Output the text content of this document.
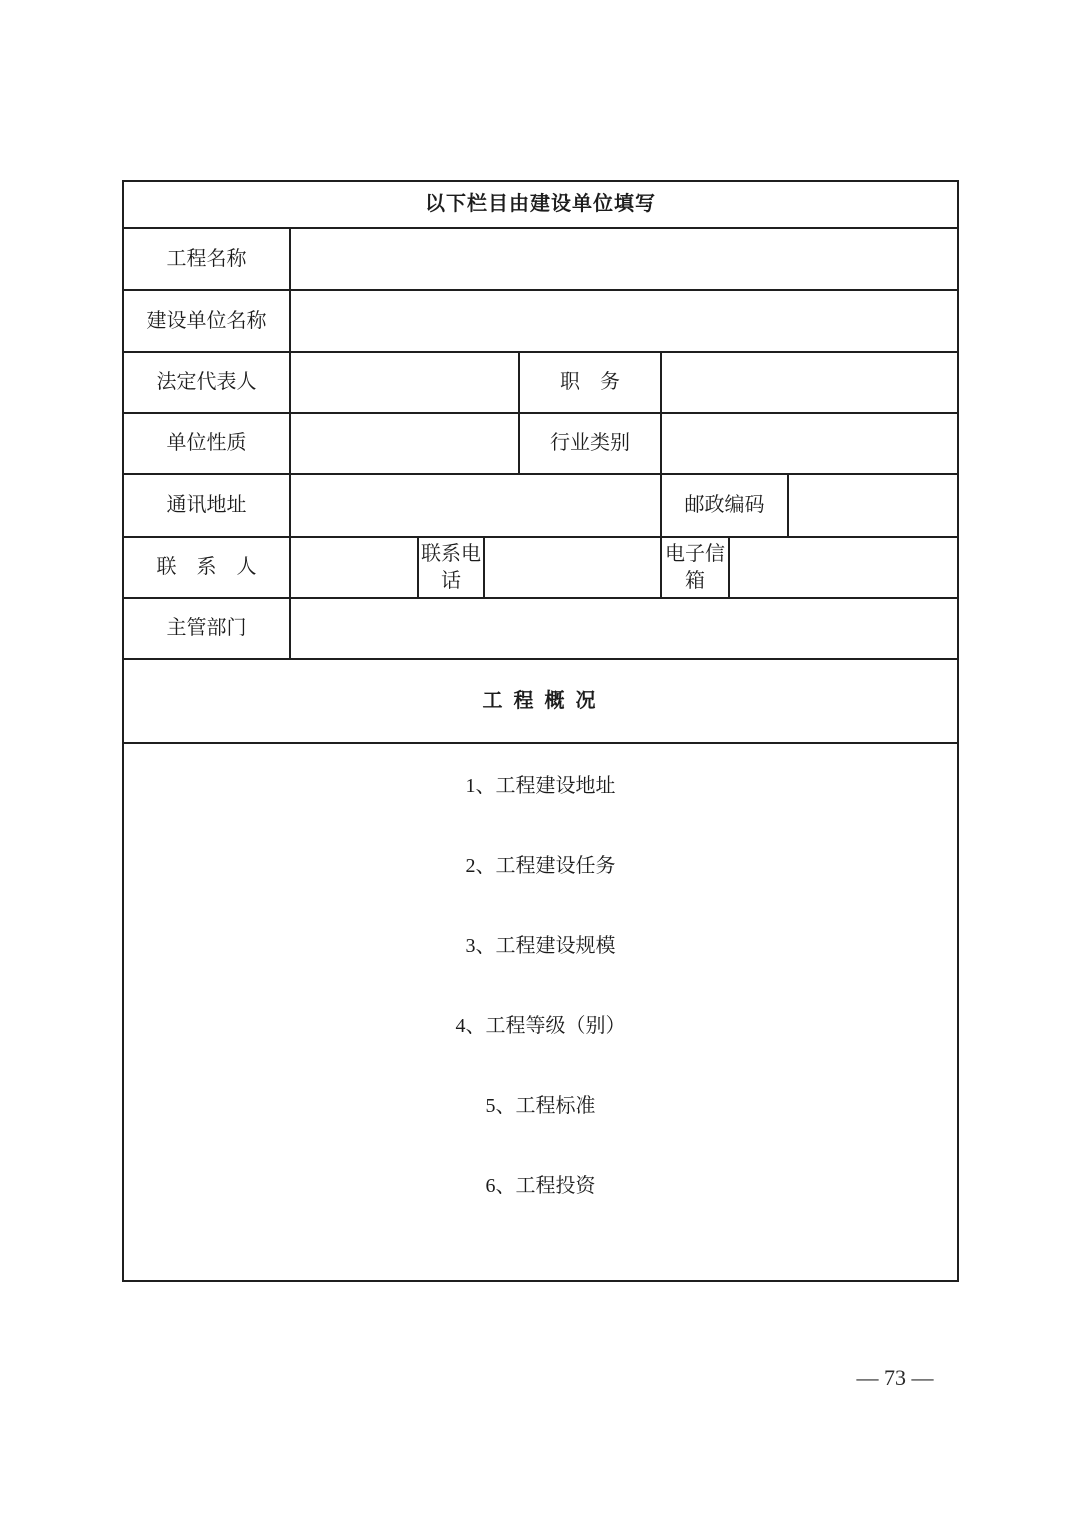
以下栏目由建设单位填写							
工程名称							
建设单位名称							
法定代表人				职　务			
单位性质				行业类别			
通讯地址					邮政编码		
联　系　人		联系电话			电子信箱		
主管部门							
工 程 概 况							

1、工程建设地址
2、工程建设任务
3、工程建设规模
4、工程等级（别）
5、工程标准
6、工程投资
— 73 —
